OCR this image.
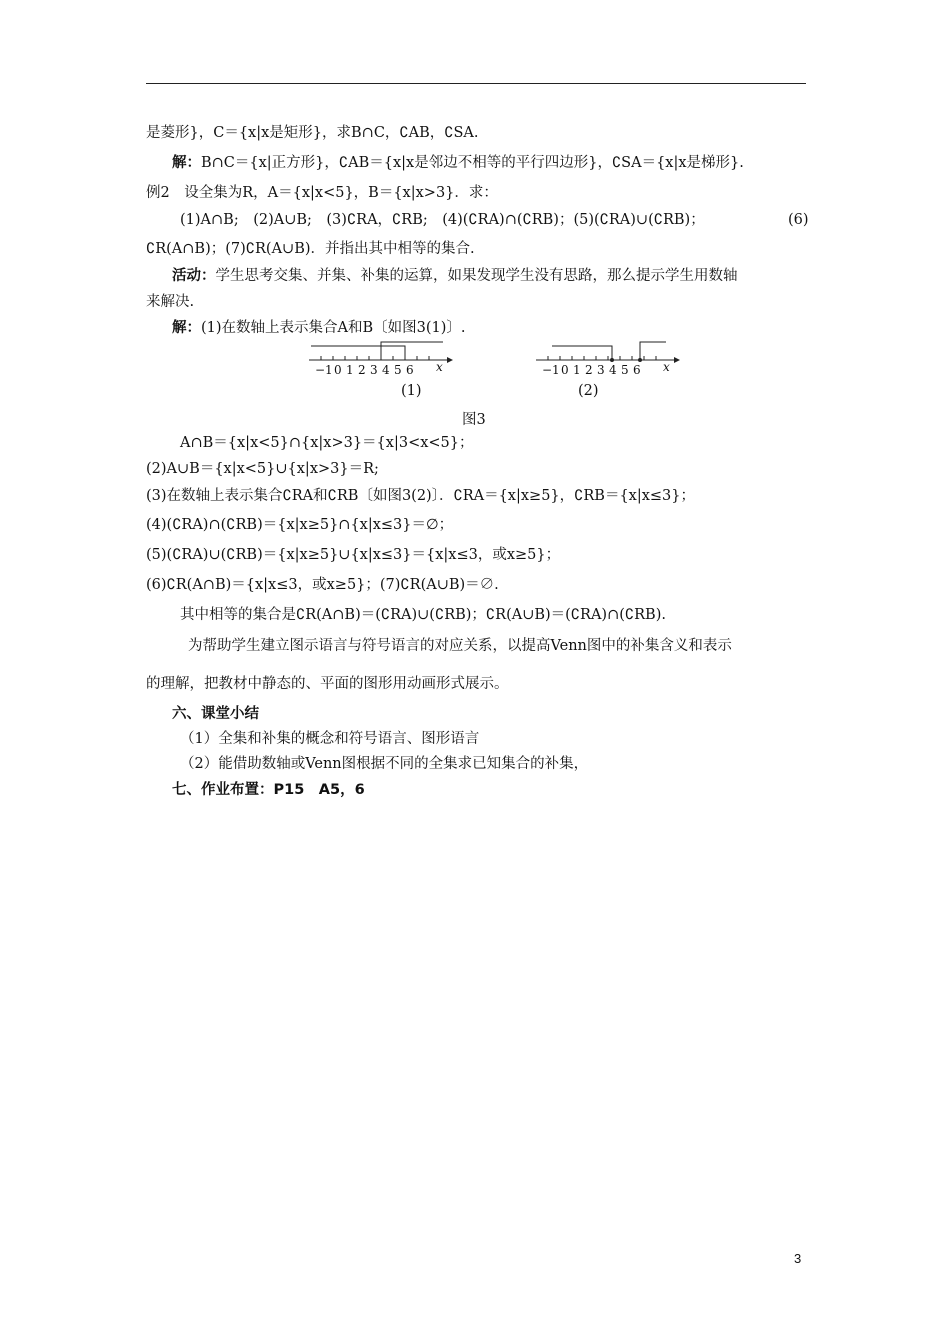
是菱形}，C＝{x|x是矩形}，求B∩C，∁AB，∁SA.
解：B∩C＝{x|正方形}，∁AB＝{x|x是邻边不相等的平行四边形}，∁SA＝{x|x是梯形}.
例2　设全集为R，A＝{x|x<5}，B＝{x|x>3}．求：
(1)A∩B;　(2)A∪B;　(3)∁RA，∁RB;　(4)(∁RA)∩(∁RB)；(5)(∁RA)∪(∁RB)；	(6)
∁R(A∩B)；(7)∁R(A∪B)．并指出其中相等的集合.
活动：学生思考交集、并集、补集的运算，如果发现学生没有思路，那么提示学生用数轴
来解决.
解：(1)在数轴上表示集合A和B〔如图3(1)〕.
−1 0 1 2 3 4 5 6 x
(1)
−1 0 1 2 3 4 5 6 x
(2)
图3
A∩B＝{x|x<5}∩{x|x>3}＝{x|3<x<5}；
(2)A∪B＝{x|x<5}∪{x|x>3}＝R;
(3)在数轴上表示集合∁RA和∁RB〔如图3(2)〕．∁RA＝{x|x≥5}，∁RB＝{x|x≤3}；
(4)(∁RA)∩(∁RB)＝{x|x≥5}∩{x|x≤3}＝∅；
(5)(∁RA)∪(∁RB)＝{x|x≥5}∪{x|x≤3}＝{x|x≤3，或x≥5}；
(6)∁R(A∩B)＝{x|x≤3，或x≥5}；(7)∁R(A∪B)＝∅.
其中相等的集合是∁R(A∩B)＝(∁RA)∪(∁RB)；∁R(A∪B)＝(∁RA)∩(∁RB).
为帮助学生建立图示语言与符号语言的对应关系，以提高Venn图中的补集含义和表示
的理解，把教材中静态的、平面的图形用动画形式展示。
六、课堂小结
（1）全集和补集的概念和符号语言、图形语言
（2）能借助数轴或Venn图根据不同的全集求已知集合的补集，
七、作业布置：P15　A5，6
3
